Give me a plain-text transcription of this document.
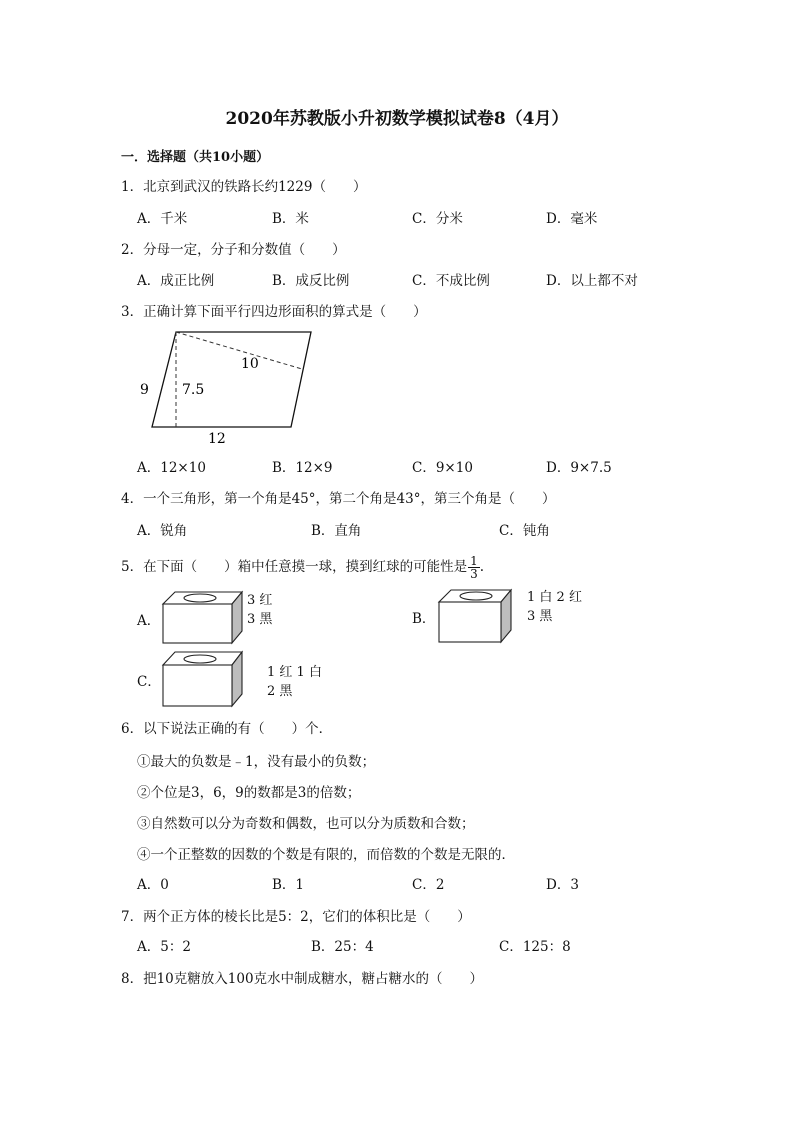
2020年苏教版小升初数学模拟试卷8（4月）
一．选择题（共10小题）
1．北京到武汉的铁路长约1229（　　）
A．千米	B．米	C．分米	D．毫米
2．分母一定，分子和分数值（　　）
A．成正比例	B．成反比例	C．不成比例	D．以上都不对
3．正确计算下面平行四边形面积的算式是（　　）
9 7.5
10
12
A．12×10	B．12×9	C．9×10	D．9×7.5
4．一个三角形，第一个角是45°，第二个角是43°，第三个角是（　　）
A．锐角	B．直角	C．钝角
5．在下面（　　）箱中任意摸一球，摸到红球的可能性是 $\frac{1}{3}$ .
A．
3 红
3 黑	B．
1 白 2 红
3 黑
C．
1 红 1 白
2 黑
6．以下说法正确的有（　　）个．
①最大的负数是﹣1，没有最小的负数；
②个位是3，6，9的数都是3的倍数；
③自然数可以分为奇数和偶数，也可以分为质数和合数；
④一个正整数的因数的个数是有限的，而倍数的个数是无限的．
A．0	B．1	C．2	D．3
7．两个正方体的棱长比是5：2，它们的体积比是（　　）
A．5：2	B．25：4	C．125：8
8．把10克糖放入100克水中制成糖水，糖占糖水的（　　）
